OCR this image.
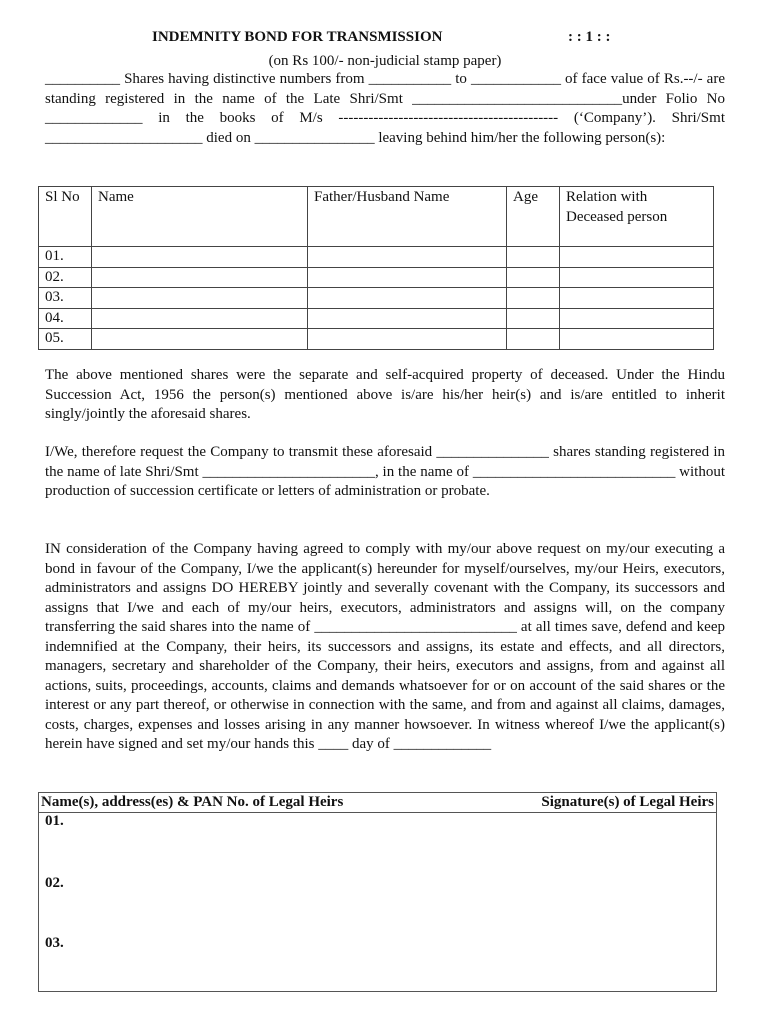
INDEMNITY BOND FOR TRANSMISSION	: : 1 : :
(on Rs 100/- non-judicial stamp paper)

__________ Shares having distinctive numbers from ___________ to ____________ of face value of Rs.--/- are standing registered in the name of the Late Shri/Smt ____________________________under Folio No _____________ in the books of M/s -------------------------------------------- (‘Company’). Shri/Smt _____________________ died on ________________ leaving behind him/her the following person(s):

Sl No	Name	Father/Husband Name	Age	Relation with Deceased person
01.				
02.				
03.				
04.				
05.				

The above mentioned shares were the separate and self-acquired property of deceased. Under the Hindu Succession Act, 1956 the person(s) mentioned above is/are his/her heir(s) and is/are entitled to inherit singly/jointly the aforesaid shares.

I/We, therefore request the Company to transmit these aforesaid _______________ shares standing registered in the name of late Shri/Smt _______________________, in the name of ___________________________ without production of succession certificate or letters of administration or probate.

IN consideration of the Company having agreed to comply with my/our above request on my/our executing a bond in favour of the Company, I/we the applicant(s) hereunder for myself/ourselves, my/our Heirs, executors, administrators and assigns DO HEREBY jointly and severally covenant with the Company, its successors and assigns that I/we and each of my/our heirs, executors, administrators and assigns will, on the company transferring the said shares into the name of ___________________________ at all times save, defend and keep indemnified at the Company, their heirs, its successors and assigns, its estate and effects, and all directors, managers, secretary and shareholder of the Company, their heirs, executors and assigns, from and against all actions, suits, proceedings, accounts, claims and demands whatsoever for or on account of the said shares or the interest or any part thereof, or otherwise in connection with the same, and from and against all claims, damages, costs, charges, expenses and losses arising in any manner howsoever. In witness whereof I/we the applicant(s) herein have signed and set my/our hands this ____ day of _____________

Name(s), address(es) & PAN No. of Legal Heirs	Signature(s) of Legal Heirs
01.
02.
03.
